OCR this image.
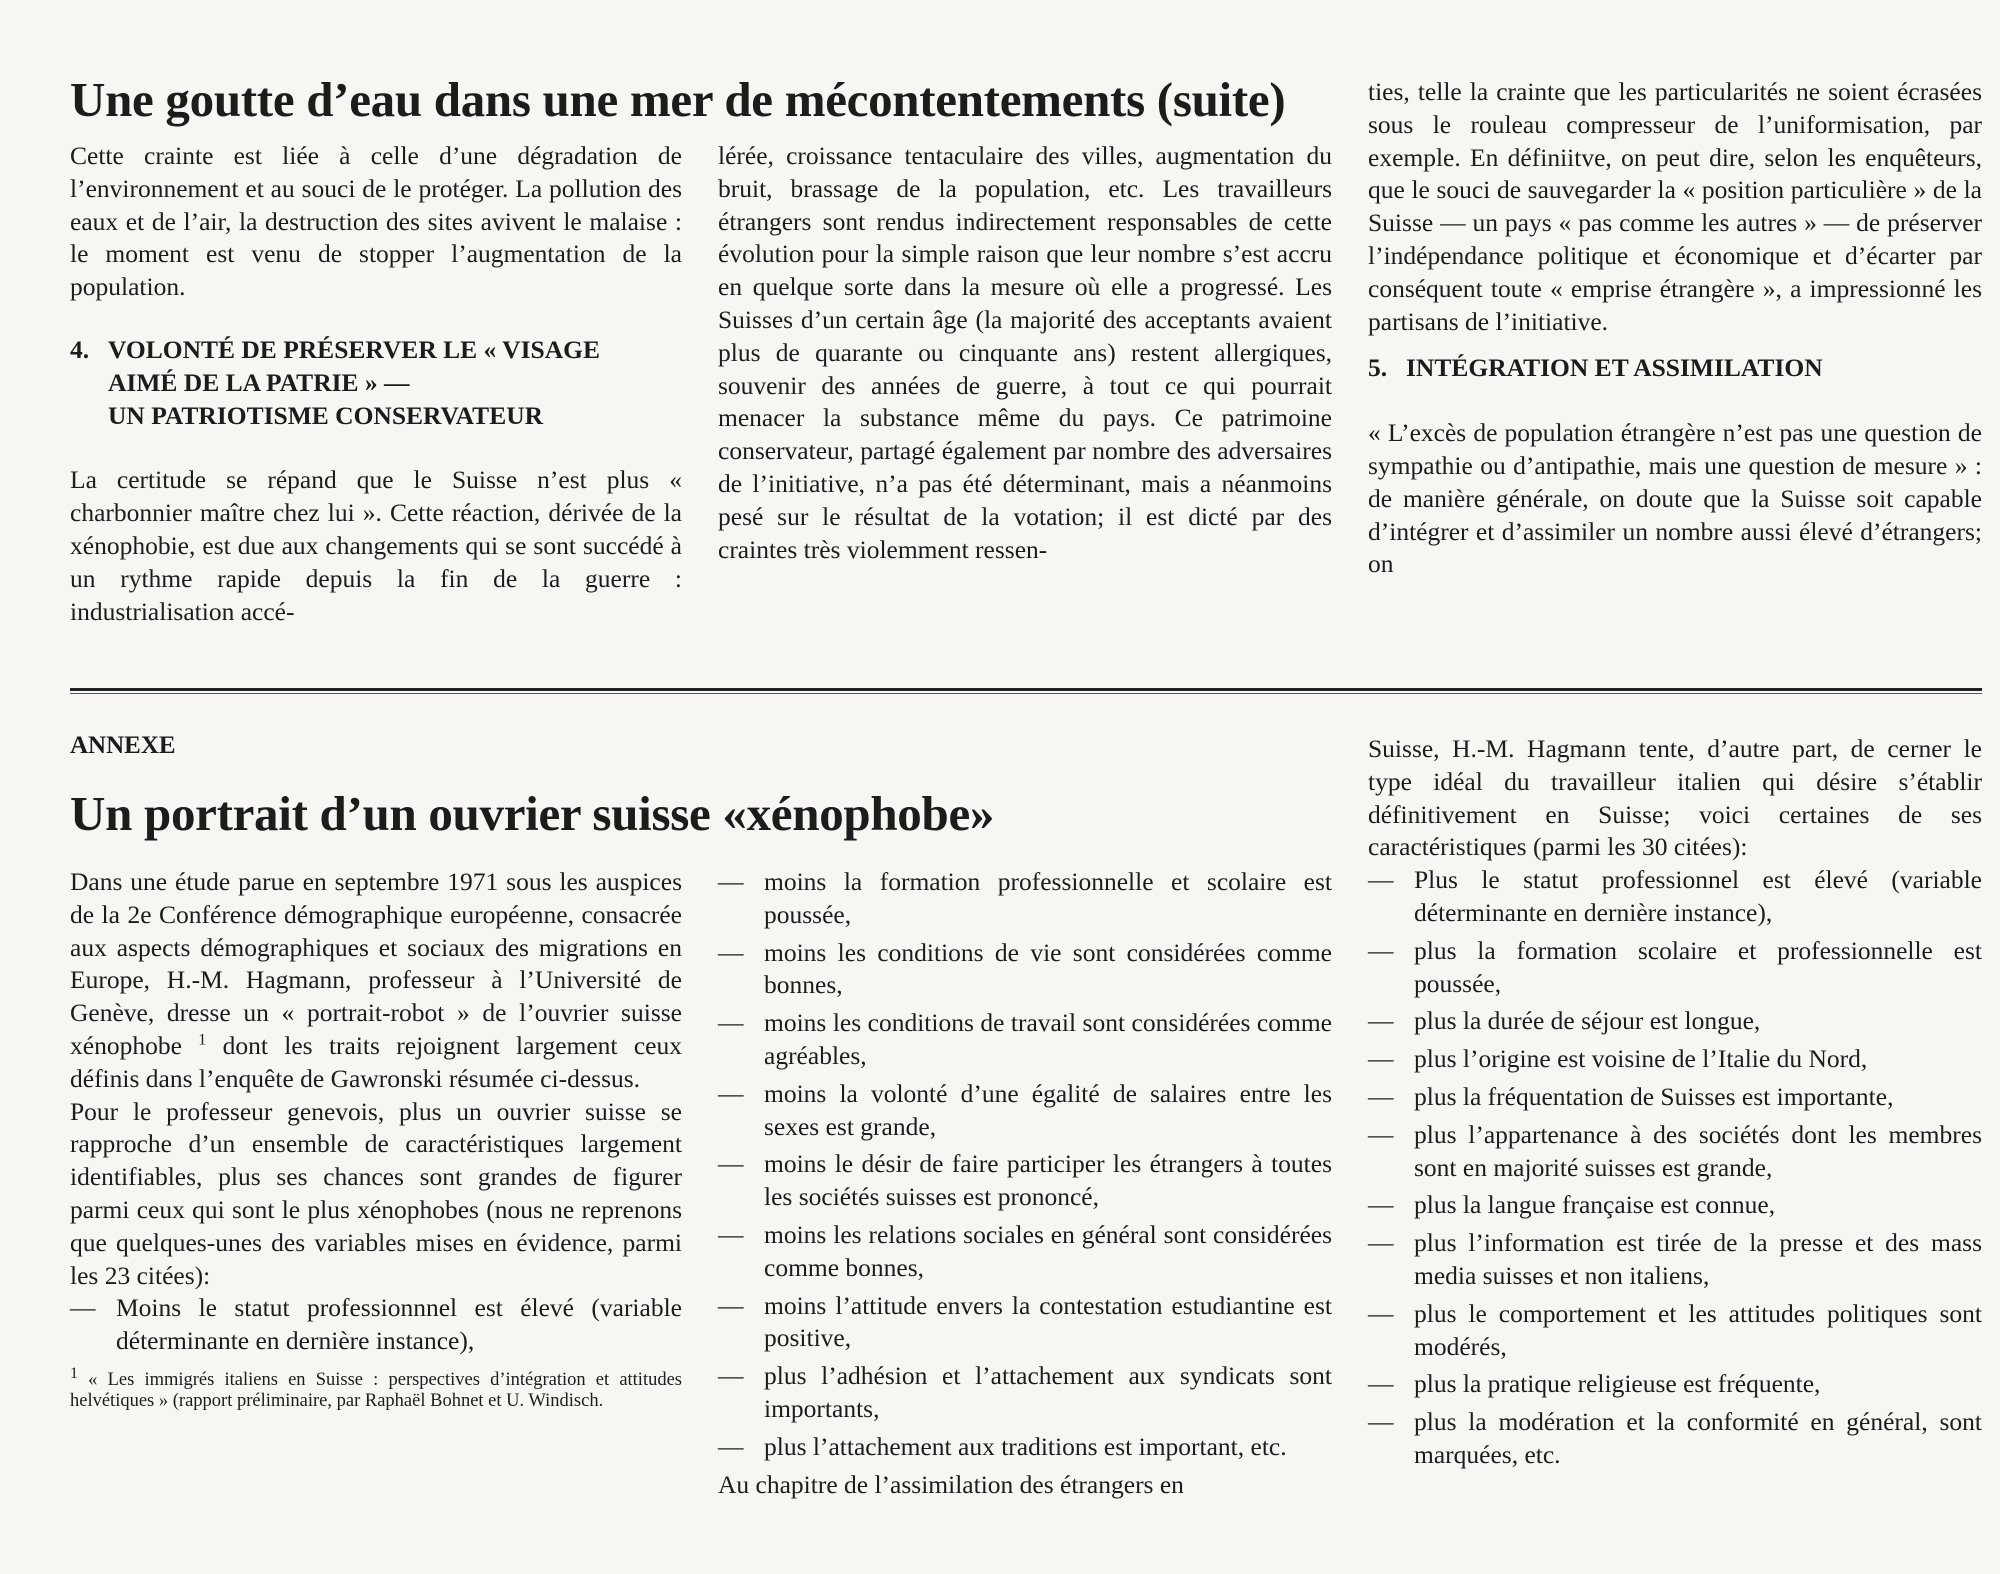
Une goutte d’eau dans une mer de mécontentements (suite)

Cette crainte est liée à celle d’une dégradation de l’environnement et au souci de le protéger. La pollution des eaux et de l’air, la destruction des sites avivent le malaise : le moment est venu de stopper l’augmentation de la population.

4. VOLONTÉ DE PRÉSERVER LE « VISAGE
AIMÉ DE LA PATRIE » —
UN PATRIOTISME CONSERVATEUR

La certitude se répand que le Suisse n’est plus « charbonnier maître chez lui ». Cette réaction, dérivée de la xénophobie, est due aux changements qui se sont succédé à un rythme rapide depuis la fin de la guerre : industrialisation accé-

lérée, croissance tentaculaire des villes, augmentation du bruit, brassage de la population, etc. Les travailleurs étrangers sont rendus indirectement responsables de cette évolution pour la simple raison que leur nombre s’est accru en quelque sorte dans la mesure où elle a progressé. Les Suisses d’un certain âge (la majorité des acceptants avaient plus de quarante ou cinquante ans) restent allergiques, souvenir des années de guerre, à tout ce qui pourrait menacer la substance même du pays. Ce patrimoine conservateur, partagé également par nombre des adversaires de l’initiative, n’a pas été déterminant, mais a néanmoins pesé sur le résultat de la votation; il est dicté par des craintes très violemment ressen-

ties, telle la crainte que les particularités ne soient écrasées sous le rouleau compresseur de l’uniformisation, par exemple. En définiitve, on peut dire, selon les enquêteurs, que le souci de sauvegarder la « position particulière » de la Suisse — un pays « pas comme les autres » — de préserver l’indépendance politique et économique et d’écarter par conséquent toute « emprise étrangère », a impressionné les partisans de l’initiative.

5. INTÉGRATION ET ASSIMILATION

« L’excès de population étrangère n’est pas une question de sympathie ou d’antipathie, mais une question de mesure » : de manière générale, on doute que la Suisse soit capable d’intégrer et d’assimiler un nombre aussi élevé d’étrangers; on

ANNEXE
Un portrait d’un ouvrier suisse «xénophobe»

Dans une étude parue en septembre 1971 sous les auspices de la 2e Conférence démographique européenne, consacrée aux aspects démographiques et sociaux des migrations en Europe, H.-M. Hagmann, professeur à l’Université de Genève, dresse un « portrait-robot » de l’ouvrier suisse xénophobe $^1$ dont les traits rejoignent largement ceux définis dans l’enquête de Gawronski résumée ci-dessus.

Pour le professeur genevois, plus un ouvrier suisse se rapproche d’un ensemble de caractéristiques largement identifiables, plus ses chances sont grandes de figurer parmi ceux qui sont le plus xénophobes (nous ne reprenons que quelques-unes des variables mises en évidence, parmi les 23 citées):

— Moins le statut professionnnel est élevé (variable déterminante en dernière instance),
1 « Les immigrés italiens en Suisse : perspectives d’intégration et attitudes helvétiques » (rapport préliminaire, par Raphaël Bohnet et U. Windisch.
— moins la formation professionnelle et scolaire est poussée,
— moins les conditions de vie sont considérées comme bonnes,
— moins les conditions de travail sont considérées comme agréables,
— moins la volonté d’une égalité de salaires entre les sexes est grande,
— moins le désir de faire participer les étrangers à toutes les sociétés suisses est prononcé,
— moins les relations sociales en général sont considérées comme bonnes,
— moins l’attitude envers la contestation estudiantine est positive,
— plus l’adhésion et l’attachement aux syndicats sont importants,
— plus l’attachement aux traditions est important, etc.

Au chapitre de l’assimilation des étrangers en

Suisse, H.-M. Hagmann tente, d’autre part, de cerner le type idéal du travailleur italien qui désire s’établir définitivement en Suisse; voici certaines de ses caractéristiques (parmi les 30 citées):

— Plus le statut professionnel est élevé (variable déterminante en dernière instance),
— plus la formation scolaire et professionnelle est poussée,
— plus la durée de séjour est longue,
— plus l’origine est voisine de l’Italie du Nord,
— plus la fréquentation de Suisses est importante,
— plus l’appartenance à des sociétés dont les membres sont en majorité suisses est grande,
— plus la langue française est connue,
— plus l’information est tirée de la presse et des mass media suisses et non italiens,
— plus le comportement et les attitudes politiques sont modérés,
— plus la pratique religieuse est fréquente,
— plus la modération et la conformité en général, sont marquées, etc.
